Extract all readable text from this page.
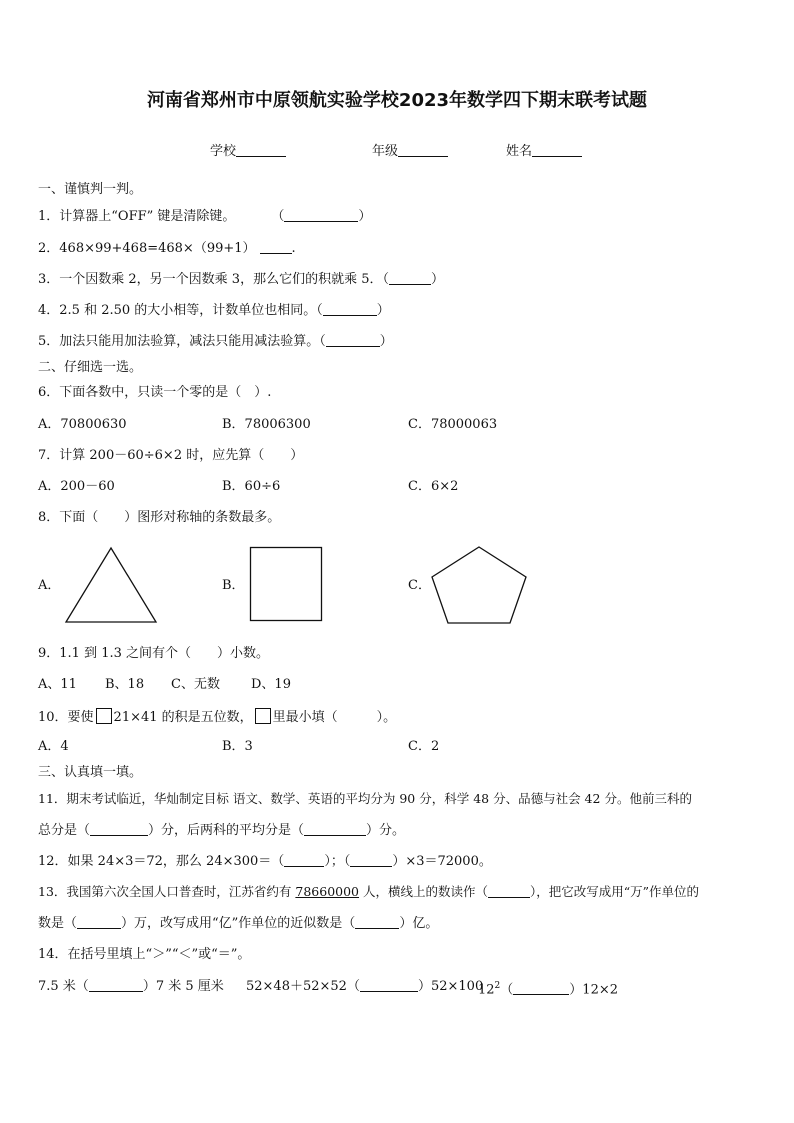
河南省郑州市中原领航实验学校2023年数学四下期末联考试题
学校	年级	姓名
一、谨慎判一判。
1．计算器上“OFF” 键是清除键。	（	）
2．468×99+468=468×（99+1）	.
3．一个因数乘 2，另一个因数乘 3，那么它们的积就乘 5．（	）
4．2.5 和 2.50 的大小相等，计数单位也相同。（	）
5．加法只能用加法验算，减法只能用减法验算。（	）
二、仔细选一选。
6．下面各数中，只读一个零的是（　）.
A．70800630	B．78006300	C．78000063
7．计算 200－60÷6×2 时，应先算（　　）
A．200－60	B．60÷6	C．6×2
8．下面（　　）图形对称轴的条数最多。
A．	B．	C．
9．1.1 到 1.3 之间有个（　　）小数。
A、11 B、18 C、无数 D、19
10．要使 21×41 的积是五位数， 里最小填（　　　）。
A．4	B．3	C．2
三、认真填一填。
11．期末考试临近，华灿制定目标 语文、数学、英语的平均分为 90 分，科学 48 分、品德与社会 42 分。他前三科的
总分是（	）分，后两科的平均分是（	）分。
12．如果 24×3＝72，那么 24×300＝（	）；（	）×3＝72000。
13．我国第六次全国人口普查时，江苏省约有 78660000 人，横线上的数读作（	），把它改写成用“万”作单位的
数是（	）万，改写成用“亿”作单位的近似数是（	）亿。
14．在括号里填上“＞”“＜”或“＝”。
7.5 米（	）7 米 5 厘米 52×48＋52×52（	）52×100
$12^2$（	）12×2
